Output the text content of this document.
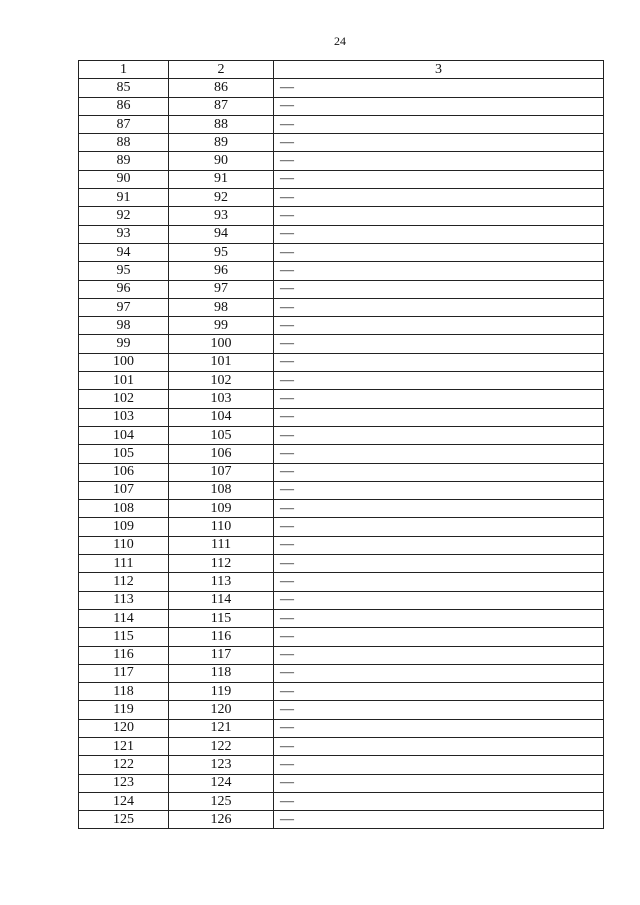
24
1	2	3
85	86	—
86	87	—
87	88	—
88	89	—
89	90	—
90	91	—
91	92	—
92	93	—
93	94	—
94	95	—
95	96	—
96	97	—
97	98	—
98	99	—
99	100	—
100	101	—
101	102	—
102	103	—
103	104	—
104	105	—
105	106	—
106	107	—
107	108	—
108	109	—
109	110	—
110	111	—
111	112	—
112	113	—
113	114	—
114	115	—
115	116	—
116	117	—
117	118	—
118	119	—
119	120	—
120	121	—
121	122	—
122	123	—
123	124	—
124	125	—
125	126	—
